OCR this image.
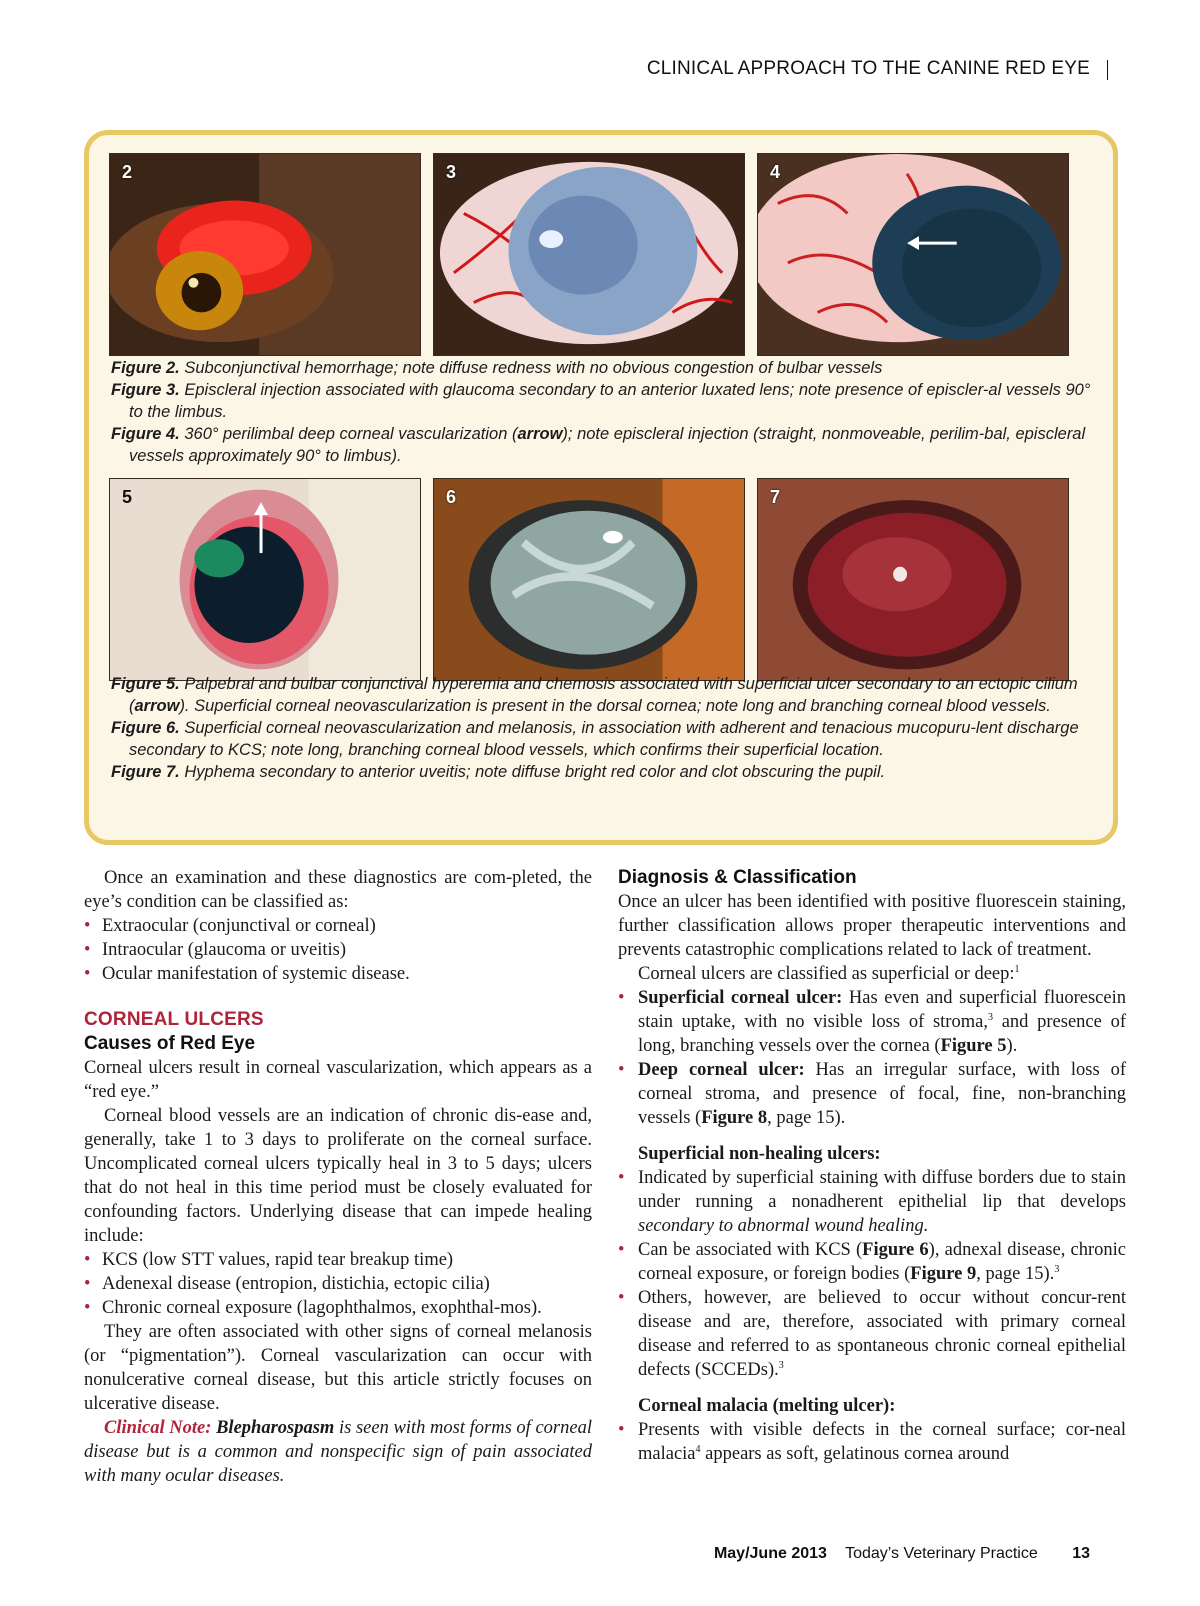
CLINICAL APPROACH TO THE CANINE RED EYE
2	3	4

Figure 2. Subconjunctival hemorrhage; note diffuse redness with no obvious congestion of bulbar vessels

Figure 3. Episcleral injection associated with glaucoma secondary to an anterior luxated lens; note presence of episcler-al vessels 90° to the limbus.

Figure 4. 360° perilimbal deep corneal vascularization (arrow); note episcleral injection (straight, nonmoveable, perilim-bal, episcleral vessels approximately 90° to limbus).

5	6	7

Figure 5. Palpebral and bulbar conjunctival hyperemia and chemosis associated with superficial ulcer secondary to an ectopic cilium (arrow). Superficial corneal neovascularization is present in the dorsal cornea; note long and branching corneal blood vessels.

Figure 6. Superficial corneal neovascularization and melanosis, in association with adherent and tenacious mucopuru-lent discharge secondary to KCS; note long, branching corneal blood vessels, which confirms their superficial location.

Figure 7. Hyphema secondary to anterior uveitis; note diffuse bright red color and clot obscuring the pupil.

Once an examination and these diagnostics are com-pleted, the eye’s condition can be classified as:

• Extraocular (conjunctival or corneal)
• Intraocular (glaucoma or uveitis)
• Ocular manifestation of systemic disease.
CORNEAL ULCERS
Causes of Red Eye

Corneal ulcers result in corneal vascularization, which appears as a “red eye.”

Corneal blood vessels are an indication of chronic dis-ease and, generally, take 1 to 3 days to proliferate on the corneal surface. Uncomplicated corneal ulcers typically heal in 3 to 5 days; ulcers that do not heal in this time period must be closely evaluated for confounding factors. Underlying disease that can impede healing include:

• KCS (low STT values, rapid tear breakup time)
• Adenexal disease (entropion, distichia, ectopic cilia)
• Chronic corneal exposure (lagophthalmos, exophthal-mos).

They are often associated with other signs of corneal melanosis (or “pigmentation”). Corneal vascularization can occur with nonulcerative corneal disease, but this article strictly focuses on ulcerative disease.

Clinical Note: Blepharospasm is seen with most forms of corneal disease but is a common and nonspecific sign of pain associated with many ocular diseases.

Diagnosis & Classification

Once an ulcer has been identified with positive fluorescein staining, further classification allows proper therapeutic interventions and prevents catastrophic complications related to lack of treatment.

Corneal ulcers are classified as superficial or deep:$^1$

• Superficial corneal ulcer: Has even and superficial fluorescein stain uptake, with no visible loss of stroma,$^3$ and presence of long, branching vessels over the cornea (Figure 5).
• Deep corneal ulcer: Has an irregular surface, with loss of corneal stroma, and presence of focal, fine, non-branching vessels (Figure 8, page 15).
Superficial non-healing ulcers:
• Indicated by superficial staining with diffuse borders due to stain under running a nonadherent epithelial lip that develops secondary to abnormal wound healing.
• Can be associated with KCS (Figure 6), adnexal disease, chronic corneal exposure, or foreign bodies (Figure 9, page 15).$^3$
• Others, however, are believed to occur without concur-rent disease and are, therefore, associated with primary corneal disease and referred to as spontaneous chronic corneal epithelial defects (SCCEDs).$^3$
Corneal malacia (melting ulcer):
• Presents with visible defects in the corneal surface; cor-neal malacia$^4$ appears as soft, gelatinous cornea around
May/June 2013 Today’s Veterinary Practice 13
